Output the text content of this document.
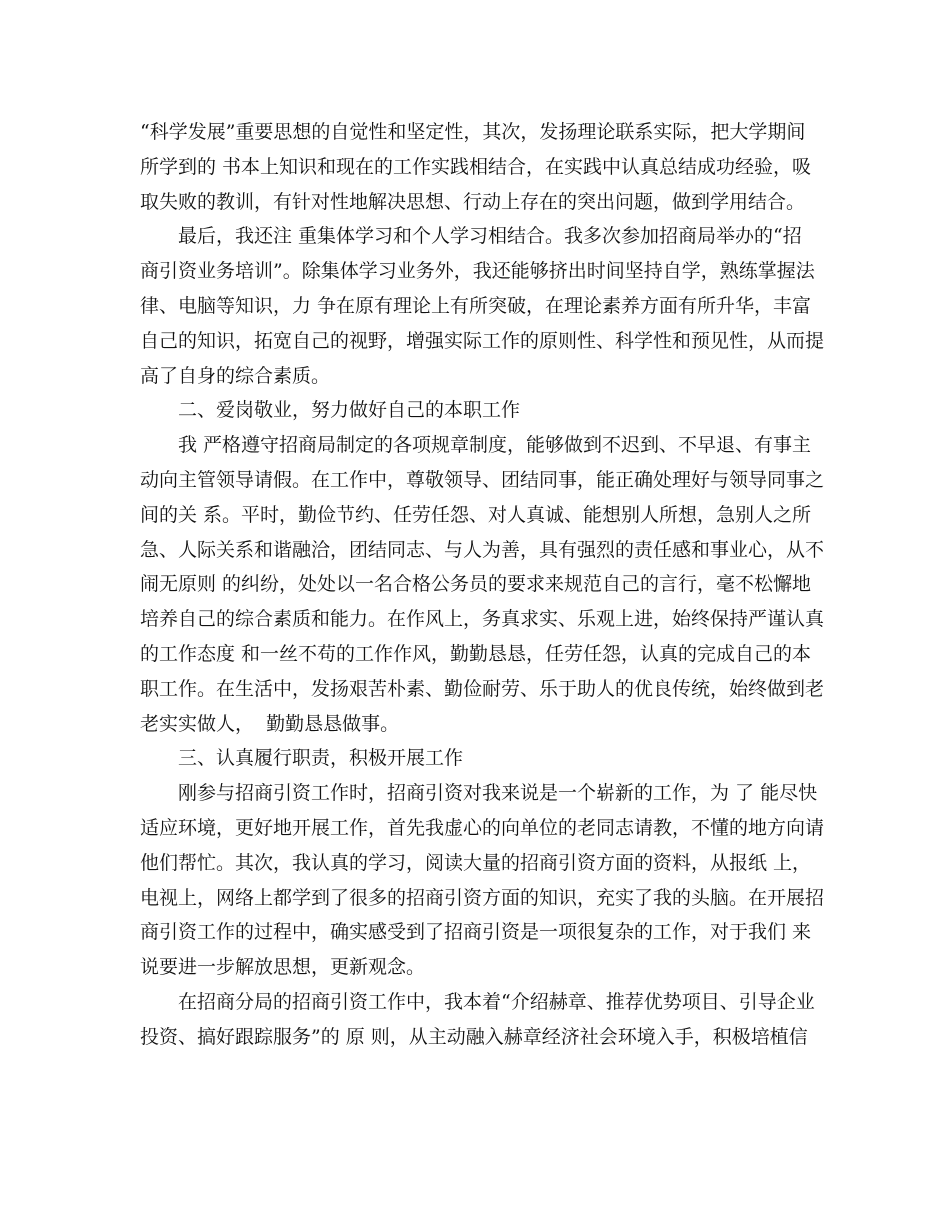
“科学发展”重要思想的自觉性和坚定性，其次，发扬理论联系实际，把大学期间
所学到的 书本上知识和现在的工作实践相结合，在实践中认真总结成功经验，吸
取失败的教训，有针对性地解决思想、行动上存在的突出问题，做到学用结合。
最后，我还注 重集体学习和个人学习相结合。我多次参加招商局举办的“招
商引资业务培训”。除集体学习业务外，我还能够挤出时间坚持自学，熟练掌握法
律、电脑等知识，力 争在原有理论上有所突破，在理论素养方面有所升华，丰富
自己的知识，拓宽自己的视野，增强实际工作的原则性、科学性和预见性，从而提
高了自身的综合素质。
二、爱岗敬业，努力做好自己的本职工作
我 严格遵守招商局制定的各项规章制度，能够做到不迟到、不早退、有事主
动向主管领导请假。在工作中，尊敬领导、团结同事，能正确处理好与领导同事之
间的关 系。平时，勤俭节约、任劳任怨、对人真诚、能想别人所想，急别人之所
急、人际关系和谐融洽，团结同志、与人为善，具有强烈的责任感和事业心，从不
闹无原则 的纠纷，处处以一名合格公务员的要求来规范自己的言行，毫不松懈地
培养自己的综合素质和能力。在作风上，务真求实、乐观上进，始终保持严谨认真
的工作态度 和一丝不苟的工作作风，勤勤恳恳，任劳任怨，认真的完成自己的本
职工作。在生活中，发扬艰苦朴素、勤俭耐劳、乐于助人的优良传统，始终做到老
老实实做人，  勤勤恳恳做事。
三、认真履行职责，积极开展工作
刚参与招商引资工作时，招商引资对我来说是一个崭新的工作，为 了 能尽快
适应环境，更好地开展工作，首先我虚心的向单位的老同志请教，不懂的地方向请
他们帮忙。其次，我认真的学习，阅读大量的招商引资方面的资料，从报纸 上，
电视上，网络上都学到了很多的招商引资方面的知识，充实了我的头脑。在开展招
商引资工作的过程中，确实感受到了招商引资是一项很复杂的工作，对于我们 来
说要进一步解放思想，更新观念。
在招商分局的招商引资工作中，我本着“介绍赫章、推荐优势项目、引导企业
投资、搞好跟踪服务”的 原 则，从主动融入赫章经济社会环境入手，积极培植信
